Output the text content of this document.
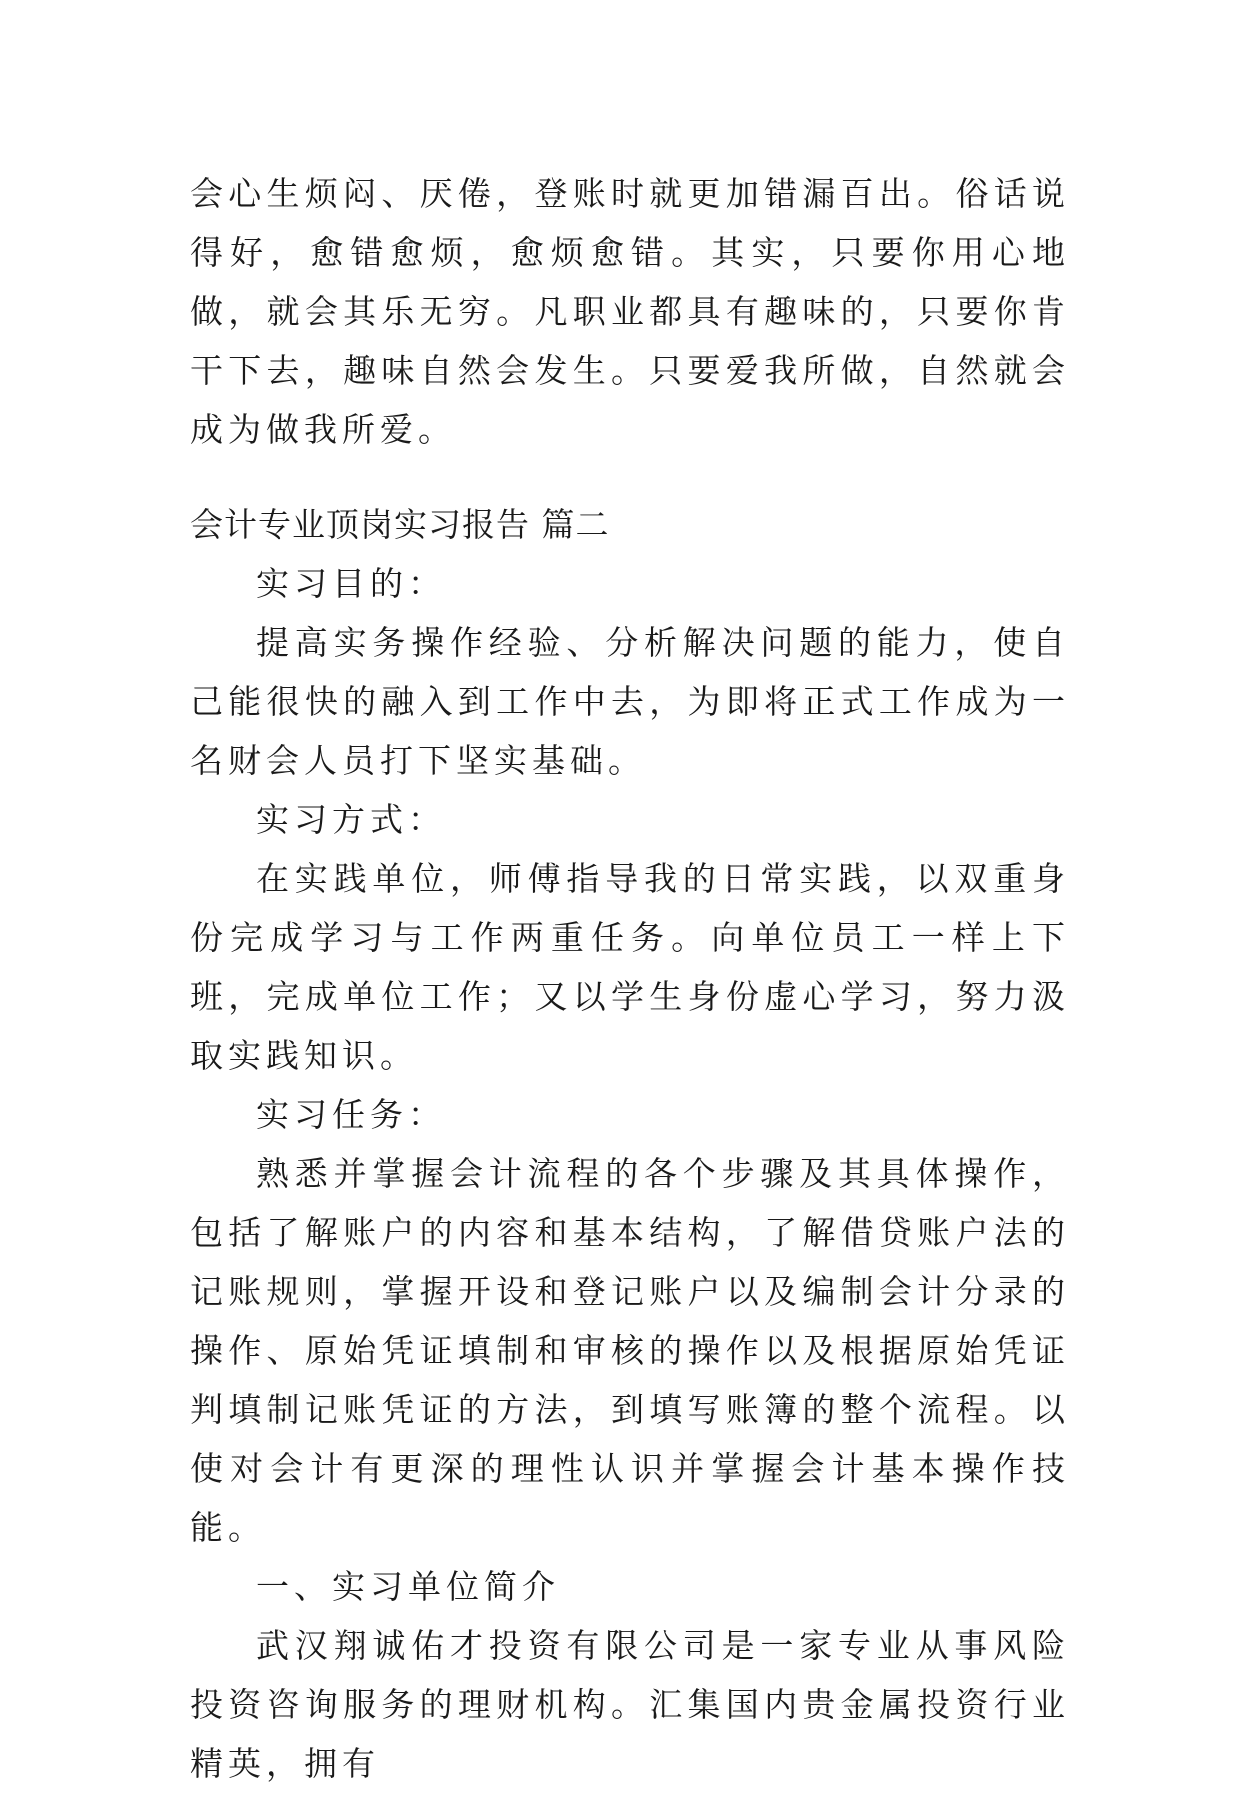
会心生烦闷、厌倦，登账时就更加错漏百出。俗话说得好，愈错愈烦，愈烦愈错。其实，只要你用心地做，就会其乐无穷。凡职业都具有趣味的，只要你肯干下去，趣味自然会发生。只要爱我所做，自然就会成为做我所爱。

会计专业顶岗实习报告 篇二

实习目的：

提高实务操作经验、分析解决问题的能力，使自己能很快的融入到工作中去，为即将正式工作成为一名财会人员打下坚实基础。

实习方式：

在实践单位，师傅指导我的日常实践，以双重身份完成学习与工作两重任务。向单位员工一样上下班，完成单位工作；又以学生身份虚心学习，努力汲取实践知识。

实习任务：

熟悉并掌握会计流程的各个步骤及其具体操作，包括了解账户的内容和基本结构，了解借贷账户法的记账规则，掌握开设和登记账户以及编制会计分录的操作、原始凭证填制和审核的操作以及根据原始凭证判填制记账凭证的方法，到填写账簿的整个流程。以使对会计有更深的理性认识并掌握会计基本操作技能。

一、实习单位简介

武汉翔诚佑才投资有限公司是一家专业从事风险投资咨询服务的理财机构。汇集国内贵金属投资行业精英，拥有
